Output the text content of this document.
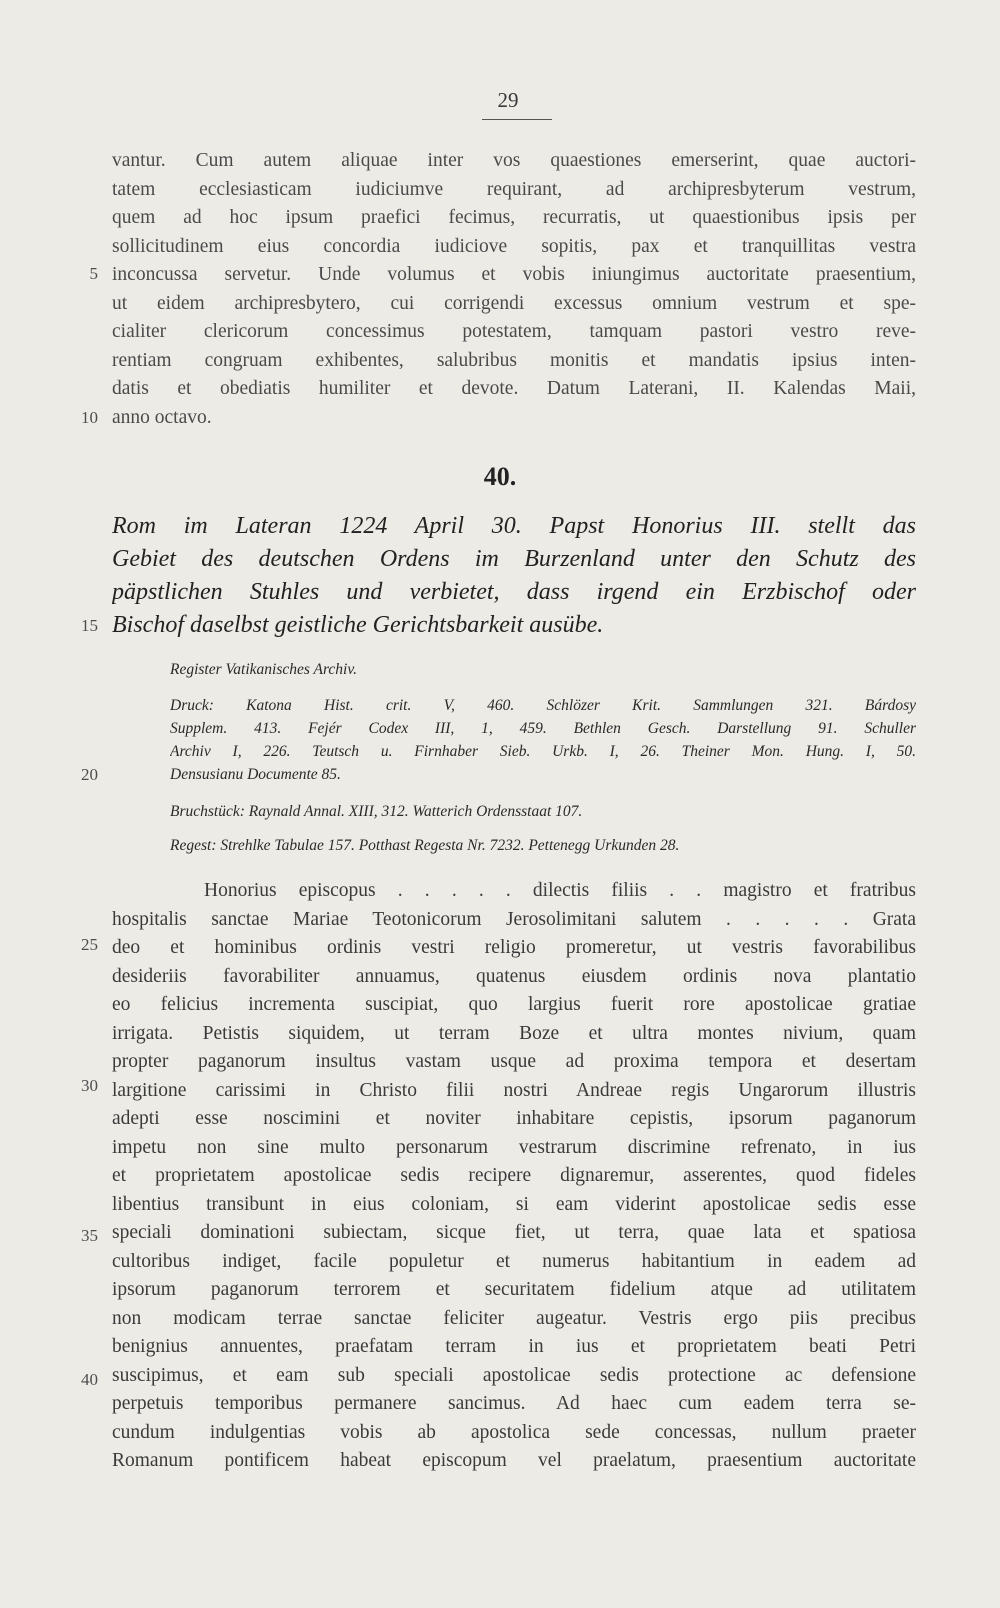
29
5
10
15
20
25
30
35
40
vantur. Cum autem aliquae inter vos quaestiones emerserint, quae auctori-
tatem ecclesiasticam iudiciumve requirant, ad archipresbyterum vestrum,
quem ad hoc ipsum praefici fecimus, recurratis, ut quaestionibus ipsis per
sollicitudinem eius concordia iudiciove sopitis, pax et tranquillitas vestra
inconcussa servetur. Unde volumus et vobis iniungimus auctoritate praesentium,
ut eidem archipresbytero, cui corrigendi excessus omnium vestrum et spe-
cialiter clericorum concessimus potestatem, tamquam pastori vestro reve-
rentiam congruam exhibentes, salubribus monitis et mandatis ipsius inten-
datis et obediatis humiliter et devote. Datum Laterani, II. Kalendas Maii,
anno octavo.
40.
Rom im Lateran 1224 April 30. Papst Honorius III. stellt das
Gebiet des deutschen Ordens im Burzenland unter den Schutz des
päpstlichen Stuhles und verbietet, dass irgend ein Erzbischof oder
Bischof daselbst geistliche Gerichtsbarkeit ausübe.
Register Vatikanisches Archiv.
Druck: Katona Hist. crit. V, 460. Schlözer Krit. Sammlungen 321. Bárdosy
Supplem. 413. Fejér Codex III, 1, 459. Bethlen Gesch. Darstellung 91. Schuller
Archiv I, 226. Teutsch u. Firnhaber Sieb. Urkb. I, 26. Theiner Mon. Hung. I, 50.
Densusianu Documente 85.
Bruchstück: Raynald Annal. XIII, 312. Watterich Ordensstaat 107.
Regest: Strehlke Tabulae 157. Potthast Regesta Nr. 7232. Pettenegg Urkunden 28.
Honorius episcopus . . . . . dilectis filiis . . magistro et fratribus
hospitalis sanctae Mariae Teotonicorum Jerosolimitani salutem . . . . . Grata
deo et hominibus ordinis vestri religio promeretur, ut vestris favorabilibus
desideriis favorabiliter annuamus, quatenus eiusdem ordinis nova plantatio
eo felicius incrementa suscipiat, quo largius fuerit rore apostolicae gratiae
irrigata. Petistis siquidem, ut terram Boze et ultra montes nivium, quam
propter paganorum insultus vastam usque ad proxima tempora et desertam
largitione carissimi in Christo filii nostri Andreae regis Ungarorum illustris
adepti esse noscimini et noviter inhabitare cepistis, ipsorum paganorum
impetu non sine multo personarum vestrarum discrimine refrenato, in ius
et proprietatem apostolicae sedis recipere dignaremur, asserentes, quod fideles
libentius transibunt in eius coloniam, si eam viderint apostolicae sedis esse
speciali dominationi subiectam, sicque fiet, ut terra, quae lata et spatiosa
cultoribus indiget, facile populetur et numerus habitantium in eadem ad
ipsorum paganorum terrorem et securitatem fidelium atque ad utilitatem
non modicam terrae sanctae feliciter augeatur. Vestris ergo piis precibus
benignius annuentes, praefatam terram in ius et proprietatem beati Petri
suscipimus, et eam sub speciali apostolicae sedis protectione ac defensione
perpetuis temporibus permanere sancimus. Ad haec cum eadem terra se-
cundum indulgentias vobis ab apostolica sede concessas, nullum praeter
Romanum pontificem habeat episcopum vel praelatum, praesentium auctoritate
